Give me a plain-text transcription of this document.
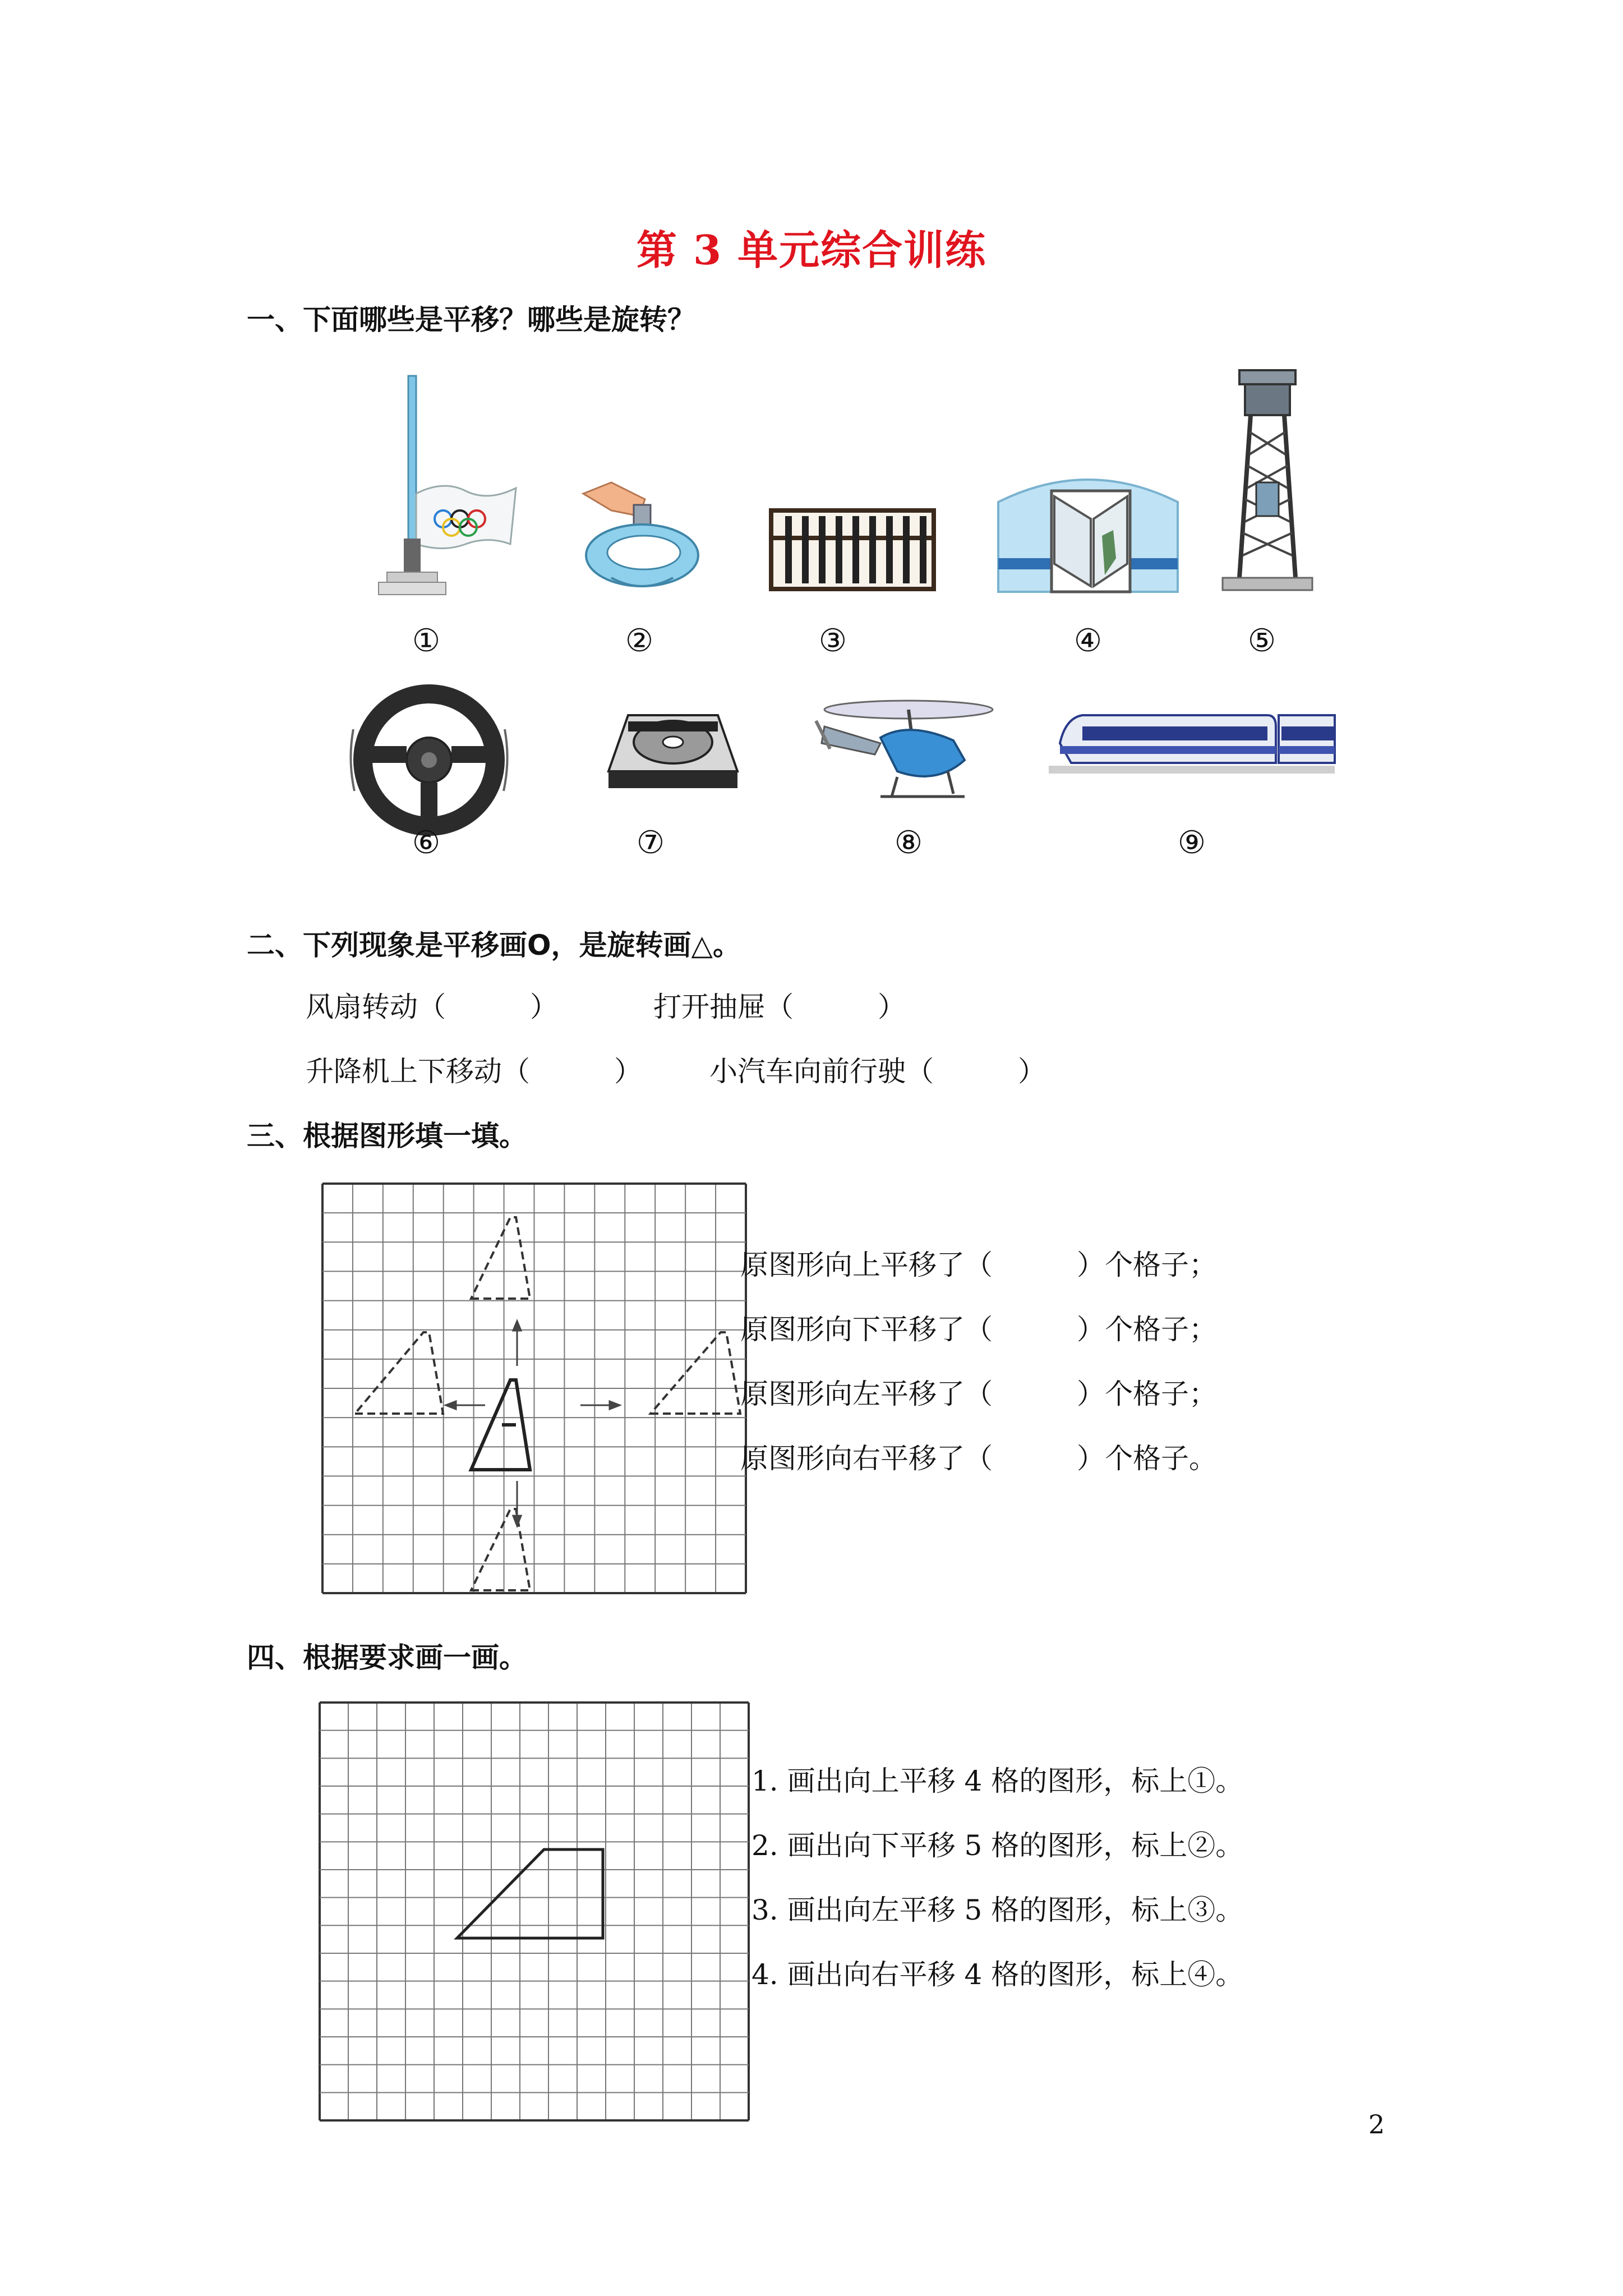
第 3 单元综合训练
一、下面哪些是平移？哪些是旋转？
①	②	③	④	⑤
⑥	⑦	⑧	⑨
二、下列现象是平移画Ο，是旋转画△。
风扇转动（　　　）	打开抽屉（　　　）
升降机上下移动（　　　） 小汽车向前行驶（　　　）
三、根据图形填一填。
原图形向上平移了（　　　）个格子；
原图形向下平移了（　　　）个格子；
原图形向左平移了（　　　）个格子；
原图形向右平移了（　　　）个格子。
四、根据要求画一画。
1. 画出向上平移 4 格的图形，标上①。
2. 画出向下平移 5 格的图形，标上②。
3. 画出向左平移 5 格的图形，标上③。
4. 画出向右平移 4 格的图形，标上④。
2
